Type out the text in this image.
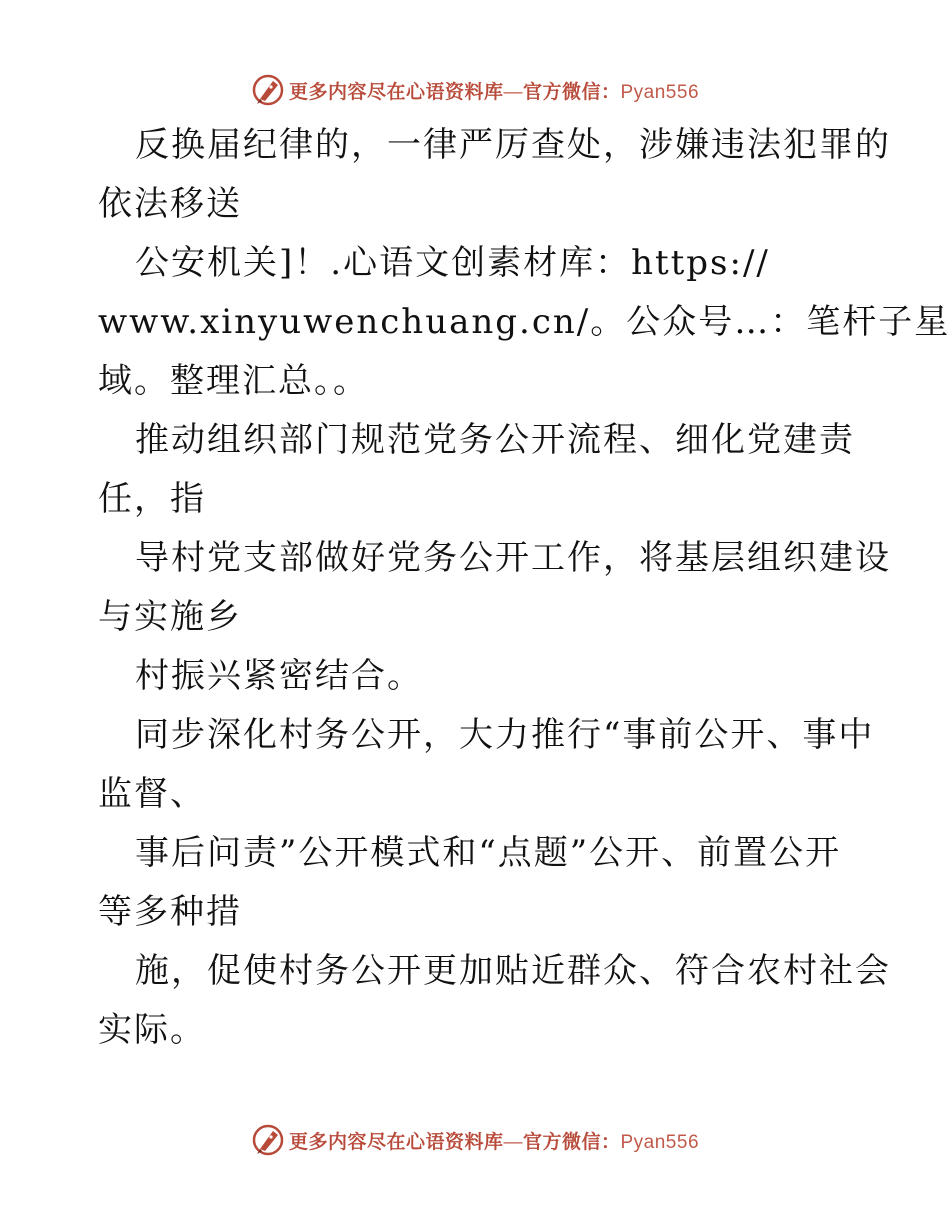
更多内容尽在心语资料库—官方微信：Pyan556
反换届纪律的，一律严厉查处，涉嫌违法犯罪的
依法移送
公安机关]！.心语文创素材库：https://
www.xinyuwenchuang.cn/。公众号…：笔杆子星
域。整理汇总。。
推动组织部门规范党务公开流程、细化党建责
任，指
导村党支部做好党务公开工作，将基层组织建设
与实施乡
村振兴紧密结合。
同步深化村务公开，大力推行“事前公开、事中
监督、
事后问责”公开模式和“点题”公开、前置公开
等多种措
施，促使村务公开更加贴近群众、符合农村社会
实际。
更多内容尽在心语资料库—官方微信：Pyan556
